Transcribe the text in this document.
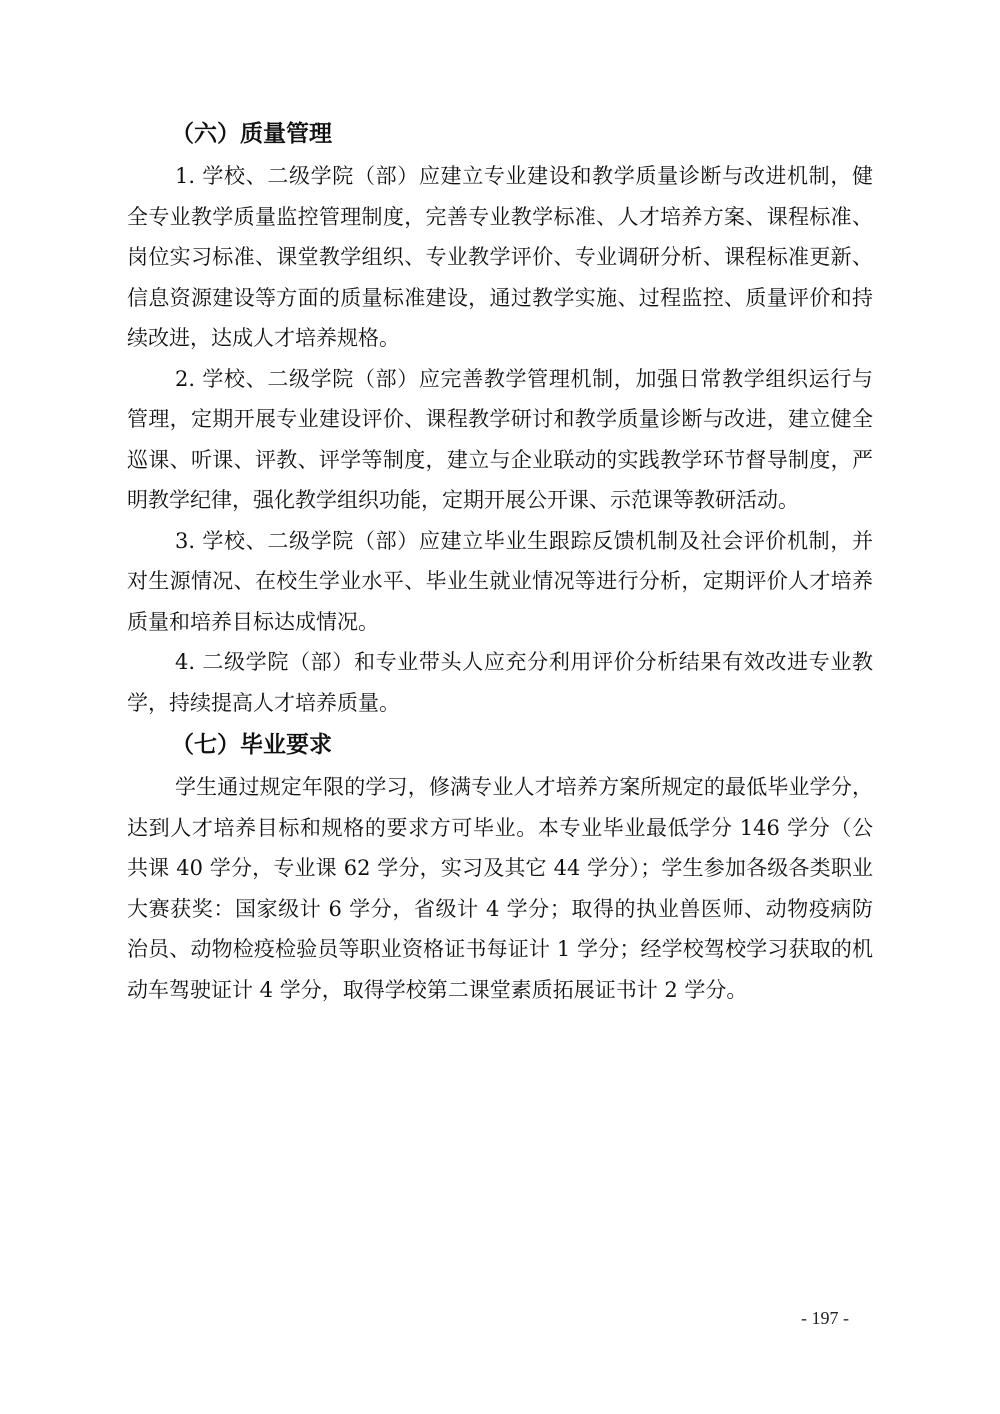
（六）质量管理

1. 学校、二级学院（部）应建立专业建设和教学质量诊断与改进机制，健全专业教学质量监控管理制度，完善专业教学标准、人才培养方案、课程标准、岗位实习标准、课堂教学组织、专业教学评价、专业调研分析、课程标准更新、信息资源建设等方面的质量标准建设，通过教学实施、过程监控、质量评价和持续改进，达成人才培养规格。

2. 学校、二级学院（部）应完善教学管理机制，加强日常教学组织运行与管理，定期开展专业建设评价、课程教学研讨和教学质量诊断与改进，建立健全巡课、听课、评教、评学等制度，建立与企业联动的实践教学环节督导制度，严明教学纪律，强化教学组织功能，定期开展公开课、示范课等教研活动。

3. 学校、二级学院（部）应建立毕业生跟踪反馈机制及社会评价机制，并对生源情况、在校生学业水平、毕业生就业情况等进行分析，定期评价人才培养质量和培养目标达成情况。

4. 二级学院（部）和专业带头人应充分利用评价分析结果有效改进专业教学，持续提高人才培养质量。

（七）毕业要求

学生通过规定年限的学习，修满专业人才培养方案所规定的最低毕业学分，达到人才培养目标和规格的要求方可毕业。本专业毕业最低学分 146 学分（公共课 40 学分，专业课 62 学分，实习及其它 44 学分）；学生参加各级各类职业大赛获奖：国家级计 6 学分，省级计 4 学分；取得的执业兽医师、动物疫病防治员、动物检疫检验员等职业资格证书每证计 1 学分；经学校驾校学习获取的机动车驾驶证计 4 学分，取得学校第二课堂素质拓展证书计 2 学分。

- 197 -
